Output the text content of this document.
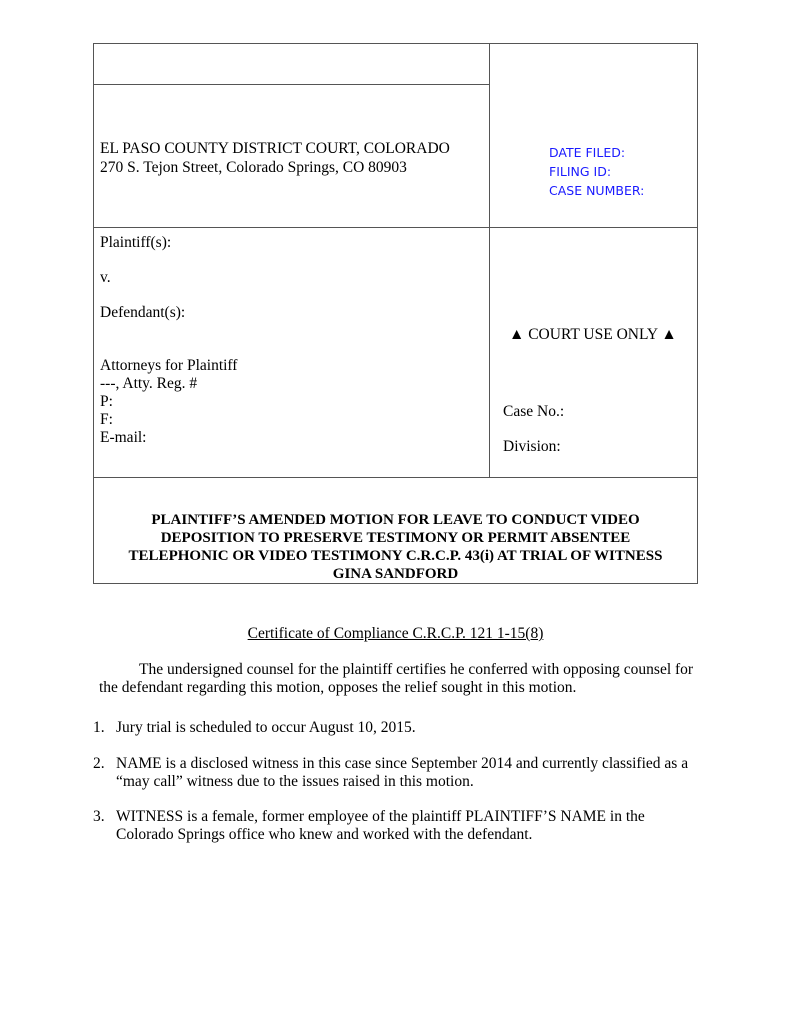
EL PASO COUNTY DISTRICT COURT, COLORADO
270 S. Tejon Street, Colorado Springs, CO 80903
DATE FILED:
FILING ID:
CASE NUMBER:
Plaintiff(s):
v.
Defendant(s):
Attorneys for Plaintiff
---, Atty. Reg. #
P:
F:
E-mail:
▲ COURT USE ONLY ▲
Case No.:
Division:
PLAINTIFF’S AMENDED MOTION FOR LEAVE TO CONDUCT VIDEO
DEPOSITION TO PRESERVE TESTIMONY OR PERMIT ABSENTEE
TELEPHONIC OR VIDEO TESTIMONY C.R.C.P. 43(i) AT TRIAL OF WITNESS
GINA SANDFORD
Certificate of Compliance C.R.C.P. 121 1-15(8)
The undersigned counsel for the plaintiff certifies he conferred with opposing counsel for the defendant regarding this motion, opposes the relief sought in this motion.
1. Jury trial is scheduled to occur August 10, 2015.
2. NAME is a disclosed witness in this case since September 2014 and currently classified as a “may call” witness due to the issues raised in this motion.
3. WITNESS is a female, former employee of the plaintiff PLAINTIFF’S NAME in the Colorado Springs office who knew and worked with the defendant.
